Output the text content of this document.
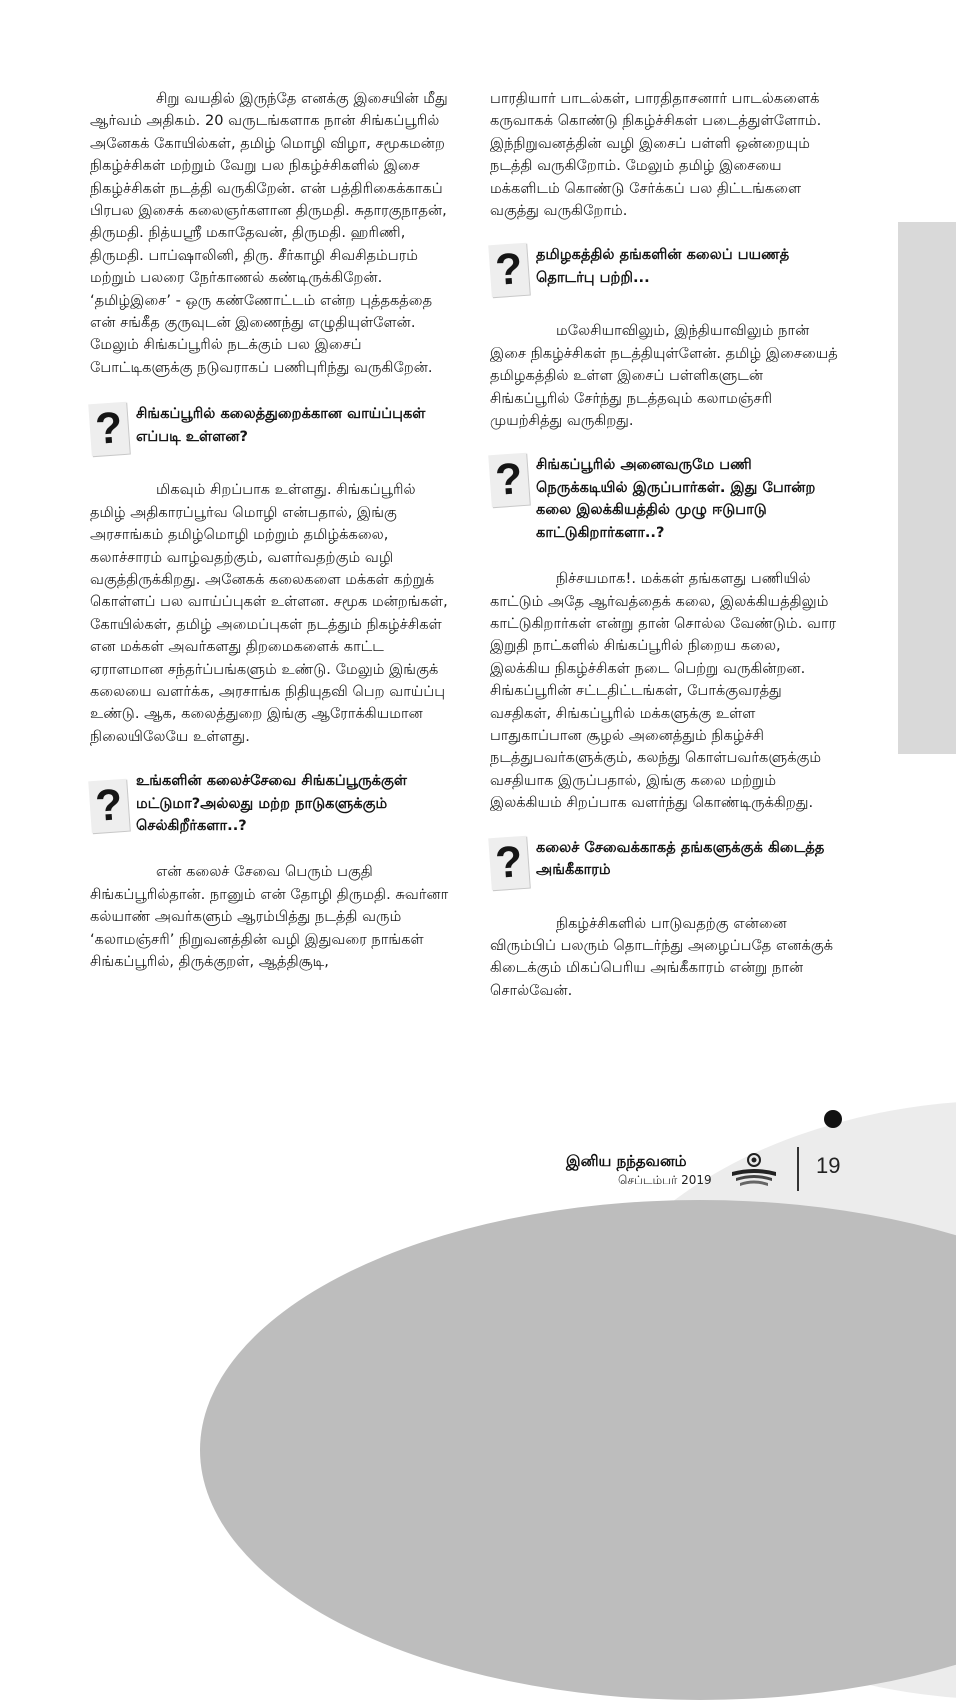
சிறு வயதில் இருந்தே எனக்கு இசையின் மீது ஆர்வம் அதிகம். 20 வருடங்களாக நான் சிங்கப்பூரில் அனேகக் கோயில்கள், தமிழ் மொழி விழா, சமூகமன்ற நிகழ்ச்சிகள் மற்றும் வேறு பல நிகழ்ச்சிகளில் இசை நிகழ்ச்சிகள் நடத்தி வருகிறேன். என் பத்திரிகைக்காகப் பிரபல இசைக் கலைஞர்களான திருமதி. சுதாரகுநாதன், திருமதி. நித்யஸ்ரீ மகாதேவன், திருமதி. ஹரிணி, திருமதி. பாப்ஷாலினி, திரு. சீர்காழி சிவசிதம்பரம் மற்றும் பலரை நேர்காணல் கண்டிருக்கிறேன். ‘தமிழ்இசை’ - ஒரு கண்ணோட்டம் என்ற புத்தகத்தை என் சங்கீத குருவுடன் இணைந்து எழுதியுள்ளேன். மேலும் சிங்கப்பூரில் நடக்கும் பல இசைப் போட்டிகளுக்கு நடுவராகப் பணிபுரிந்து வருகிறேன்.

? சிங்கப்பூரில் கலைத்துறைக்கான வாய்ப்புகள் எப்படி உள்ளன?

மிகவும் சிறப்பாக உள்ளது. சிங்கப்பூரில் தமிழ் அதிகாரப்பூர்வ மொழி என்பதால், இங்கு அரசாங்கம் தமிழ்மொழி மற்றும் தமிழ்க்கலை, கலாச்சாரம் வாழ்வதற்கும், வளர்வதற்கும் வழி வகுத்திருக்கிறது. அனேகக் கலைகளை மக்கள் கற்றுக் கொள்ளப் பல வாய்ப்புகள் உள்ளன. சமூக மன்றங்கள், கோயில்கள், தமிழ் அமைப்புகள் நடத்தும் நிகழ்ச்சிகள் என மக்கள் அவர்களது திறமைகளைக் காட்ட ஏராளமான சந்தர்ப்பங்களும் உண்டு. மேலும் இங்குக் கலையை வளர்க்க, அரசாங்க நிதியுதவி பெற வாய்ப்பு உண்டு. ஆக, கலைத்துறை இங்கு ஆரோக்கியமான நிலையிலேயே உள்ளது.

? உங்களின் கலைச்சேவை சிங்கப்பூருக்குள் மட்டுமா?அல்லது மற்ற நாடுகளுக்கும் செல்கிறீர்களா..?

என் கலைச் சேவை பெரும் பகுதி சிங்கப்பூரில்தான். நானும் என் தோழி திருமதி. சுவர்னா கல்யாண் அவர்களும் ஆரம்பித்து நடத்தி வரும் ‘கலாமஞ்சரி’ நிறுவனத்தின் வழி இதுவரை நாங்கள் சிங்கப்பூரில், திருக்குறள், ஆத்திசூடி,

பாரதியார் பாடல்கள், பாரதிதாசனார் பாடல்களைக் கருவாகக் கொண்டு நிகழ்ச்சிகள் படைத்துள்ளோம். இந்நிறுவனத்தின் வழி இசைப் பள்ளி ஒன்றையும் நடத்தி வருகிறோம். மேலும் தமிழ் இசையை மக்களிடம் கொண்டு சேர்க்கப் பல திட்டங்களை வகுத்து வருகிறோம்.

? தமிழகத்தில் தங்களின் கலைப் பயணத் தொடர்பு பற்றி...

மலேசியாவிலும், இந்தியாவிலும் நான் இசை நிகழ்ச்சிகள் நடத்தியுள்ளேன். தமிழ் இசையைத் தமிழகத்தில் உள்ள இசைப் பள்ளிகளுடன் சிங்கப்பூரில் சேர்ந்து நடத்தவும் கலாமஞ்சரி முயற்சித்து வருகிறது.

? சிங்கப்பூரில் அனைவருமே பணி நெருக்கடியில் இருப்பார்கள். இது போன்ற கலை இலக்கியத்தில் முழு ஈடுபாடு காட்டுகிறார்களா..?

நிச்சயமாக!. மக்கள் தங்களது பணியில் காட்டும் அதே ஆர்வத்தைக் கலை, இலக்கியத்திலும் காட்டுகிறார்கள் என்று தான் சொல்ல வேண்டும். வார இறுதி நாட்களில் சிங்கப்பூரில் நிறைய கலை, இலக்கிய நிகழ்ச்சிகள் நடை பெற்று வருகின்றன. சிங்கப்பூரின் சட்டதிட்டங்கள், போக்குவரத்து வசதிகள், சிங்கப்பூரில் மக்களுக்கு உள்ள பாதுகாப்பான சூழல் அனைத்தும் நிகழ்ச்சி நடத்துபவர்களுக்கும், கலந்து கொள்பவர்களுக்கும் வசதியாக இருப்பதால், இங்கு கலை மற்றும் இலக்கியம் சிறப்பாக வளர்ந்து கொண்டிருக்கிறது.

? கலைச் சேவைக்காகத் தங்களுக்குக் கிடைத்த அங்கீகாரம்

நிகழ்ச்சிகளில் பாடுவதற்கு என்னை விரும்பிப் பலரும் தொடர்ந்து அழைப்பதே எனக்குக் கிடைக்கும் மிகப்பெரிய அங்கீகாரம் என்று நான் சொல்வேன்.

இனிய நந்தவனம்
செப்டம்பர் 2019
19
